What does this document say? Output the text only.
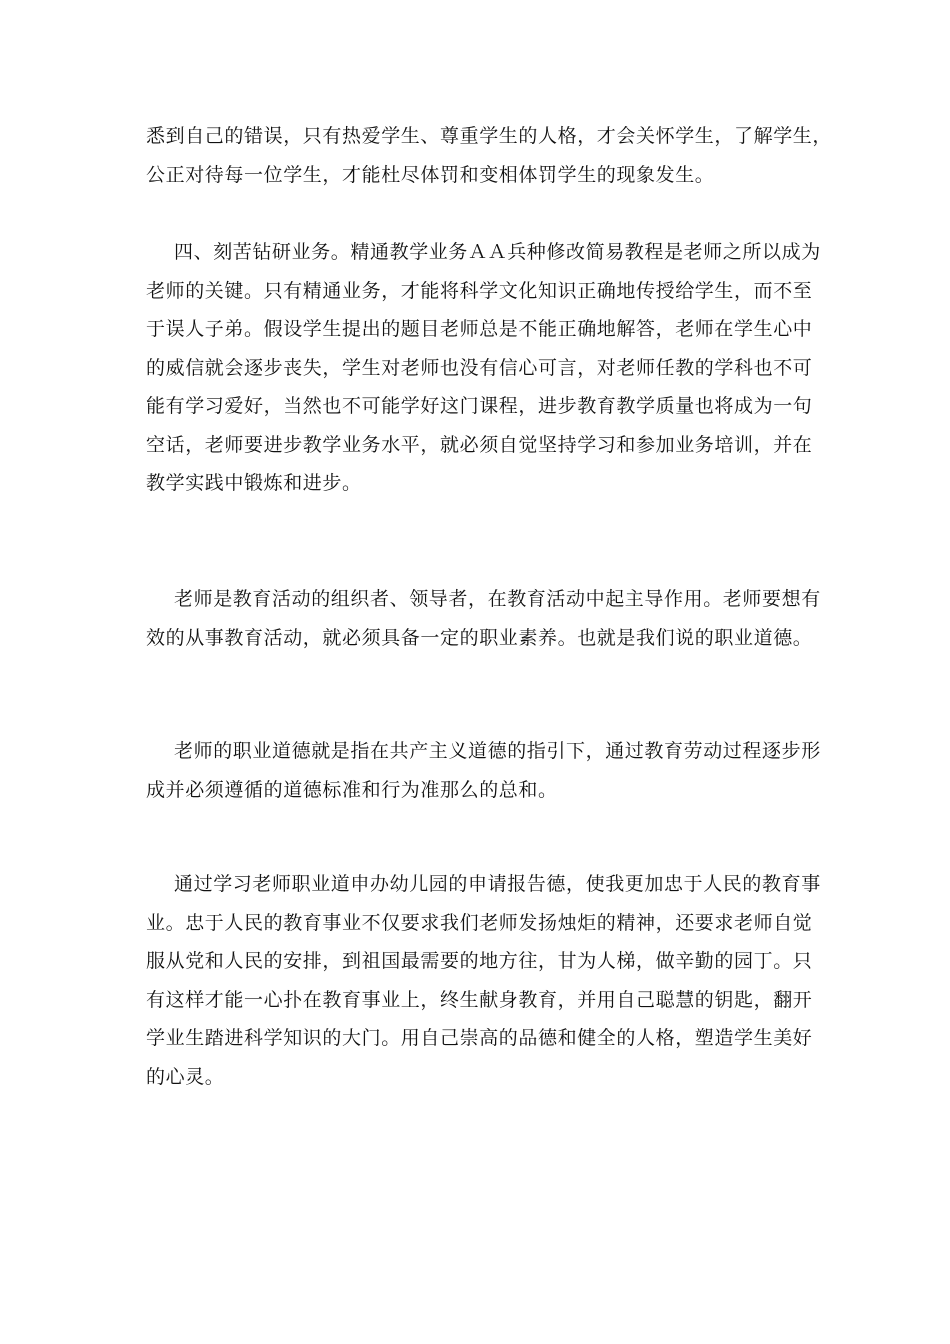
悉到自己的错误，只有热爱学生、尊重学生的人格，才会关怀学生，了解学生，
公正对待每一位学生，才能杜尽体罚和变相体罚学生的现象发生。
四、刻苦钻研业务。精通教学业务ＡＡ兵种修改简易教程是老师之所以成为
老师的关键。只有精通业务，才能将科学文化知识正确地传授给学生，而不至
于误人子弟。假设学生提出的题目老师总是不能正确地解答，老师在学生心中
的威信就会逐步丧失，学生对老师也没有信心可言，对老师任教的学科也不可
能有学习爱好，当然也不可能学好这门课程，进步教育教学质量也将成为一句
空话，老师要进步教学业务水平，就必须自觉坚持学习和参加业务培训，并在
教学实践中锻炼和进步。
老师是教育活动的组织者、领导者，在教育活动中起主导作用。老师要想有
效的从事教育活动，就必须具备一定的职业素养。也就是我们说的职业道德。
老师的职业道德就是指在共产主义道德的指引下，通过教育劳动过程逐步形
成并必须遵循的道德标准和行为准那么的总和。
通过学习老师职业道申办幼儿园的申请报告德，使我更加忠于人民的教育事
业。忠于人民的教育事业不仅要求我们老师发扬烛炬的精神，还要求老师自觉
服从党和人民的安排，到祖国最需要的地方往，甘为人梯，做辛勤的园丁。只
有这样才能一心扑在教育事业上，终生献身教育，并用自己聪慧的钥匙，翻开
学业生踏进科学知识的大门。用自己崇高的品德和健全的人格，塑造学生美好
的心灵。
